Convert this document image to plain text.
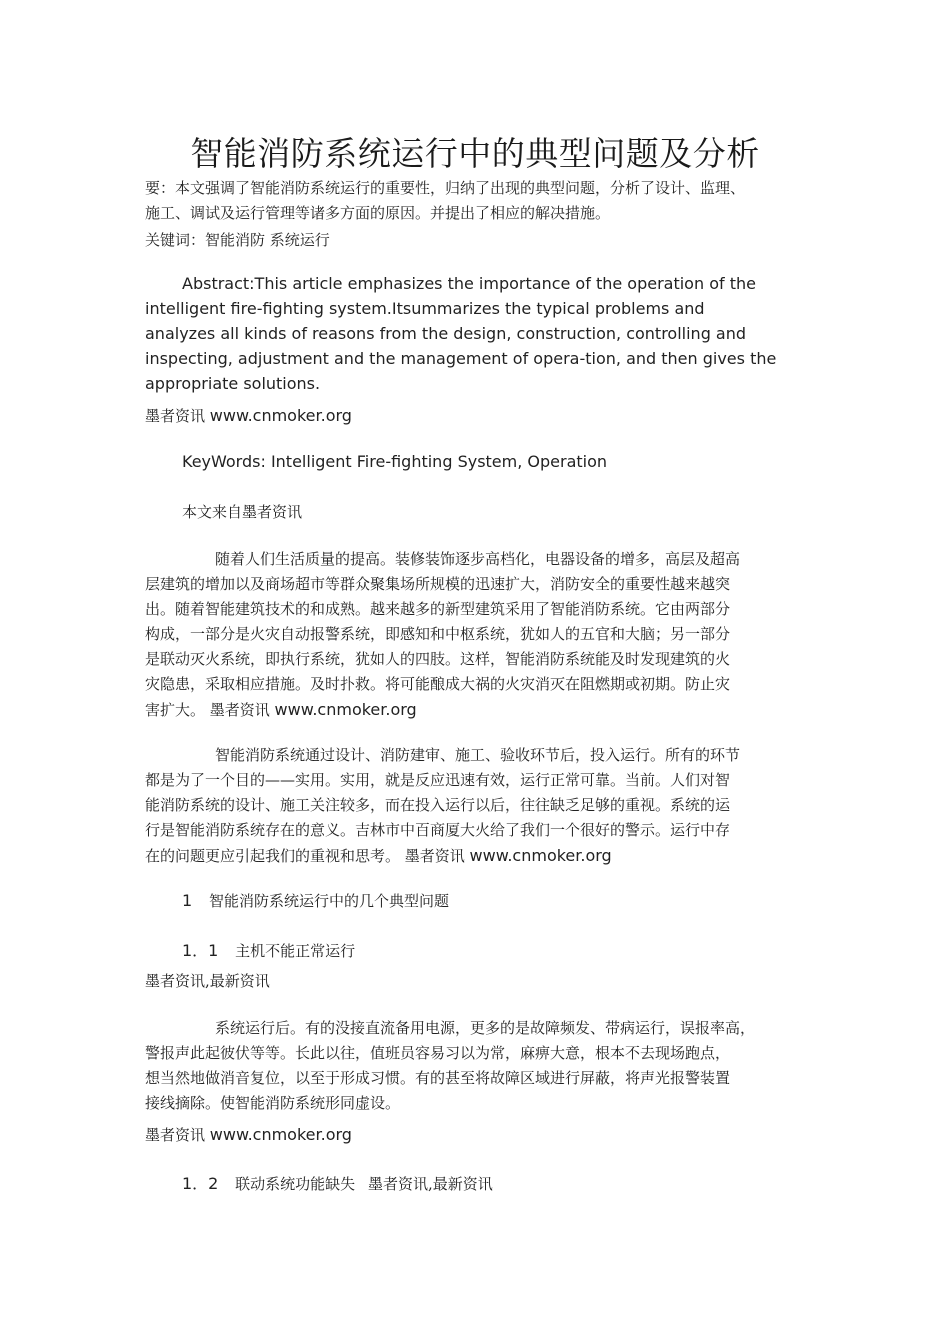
智能消防系统运行中的典型问题及分析

要：本文强调了智能消防系统运行的重要性，归纳了出现的典型问题，分析了设计、监理、

施工、调试及运行管理等诸多方面的原因。并提出了相应的解决措施。

关键词：智能消防 系统运行

Abstract:This article emphasizes the importance of the operation of the

intelligent fire-fighting system.Itsummarizes the typical problems and

analyzes all kinds of reasons from the design, construction, controlling and

inspecting, adjustment and the management of opera-tion, and then gives the

appropriate solutions.

墨者资讯 www.cnmoker.org
KeyWords: Intelligent Fire-fighting System, Operation
本文来自墨者资讯

随着人们生活质量的提高。装修装饰逐步高档化，电器设备的增多，高层及超高

层建筑的增加以及商场超市等群众聚集场所规模的迅速扩大，消防安全的重要性越来越突

出。随着智能建筑技术的和成熟。越来越多的新型建筑采用了智能消防系统。它由两部分

构成，一部分是火灾自动报警系统，即感知和中枢系统，犹如人的五官和大脑；另一部分

是联动灭火系统，即执行系统，犹如人的四肢。这样，智能消防系统能及时发现建筑的火

灾隐患，采取相应措施。及时扑救。将可能酿成大祸的火灾消灭在阻燃期或初期。防止灾

害扩大。 墨者资讯 www.cnmoker.org

智能消防系统通过设计、消防建审、施工、验收环节后，投入运行。所有的环节

都是为了一个目的——实用。实用，就是反应迅速有效，运行正常可靠。当前。人们对智

能消防系统的设计、施工关注较多，而在投入运行以后，往往缺乏足够的重视。系统的运

行是智能消防系统存在的意义。吉林市中百商厦大火给了我们一个很好的警示。运行中存

在的问题更应引起我们的重视和思考。 墨者资讯 www.cnmoker.org

1 智能消防系统运行中的几个典型问题
1．1 主机不能正常运行
墨者资讯,最新资讯

系统运行后。有的没接直流备用电源，更多的是故障频发、带病运行，误报率高，

警报声此起彼伏等等。长此以往，值班员容易习以为常，麻痹大意，根本不去现场跑点，

想当然地做消音复位，以至于形成习惯。有的甚至将故障区域进行屏蔽，将声光报警装置

接线摘除。使智能消防系统形同虚设。

墨者资讯 www.cnmoker.org
1．2 联动系统功能缺失 墨者资讯,最新资讯
